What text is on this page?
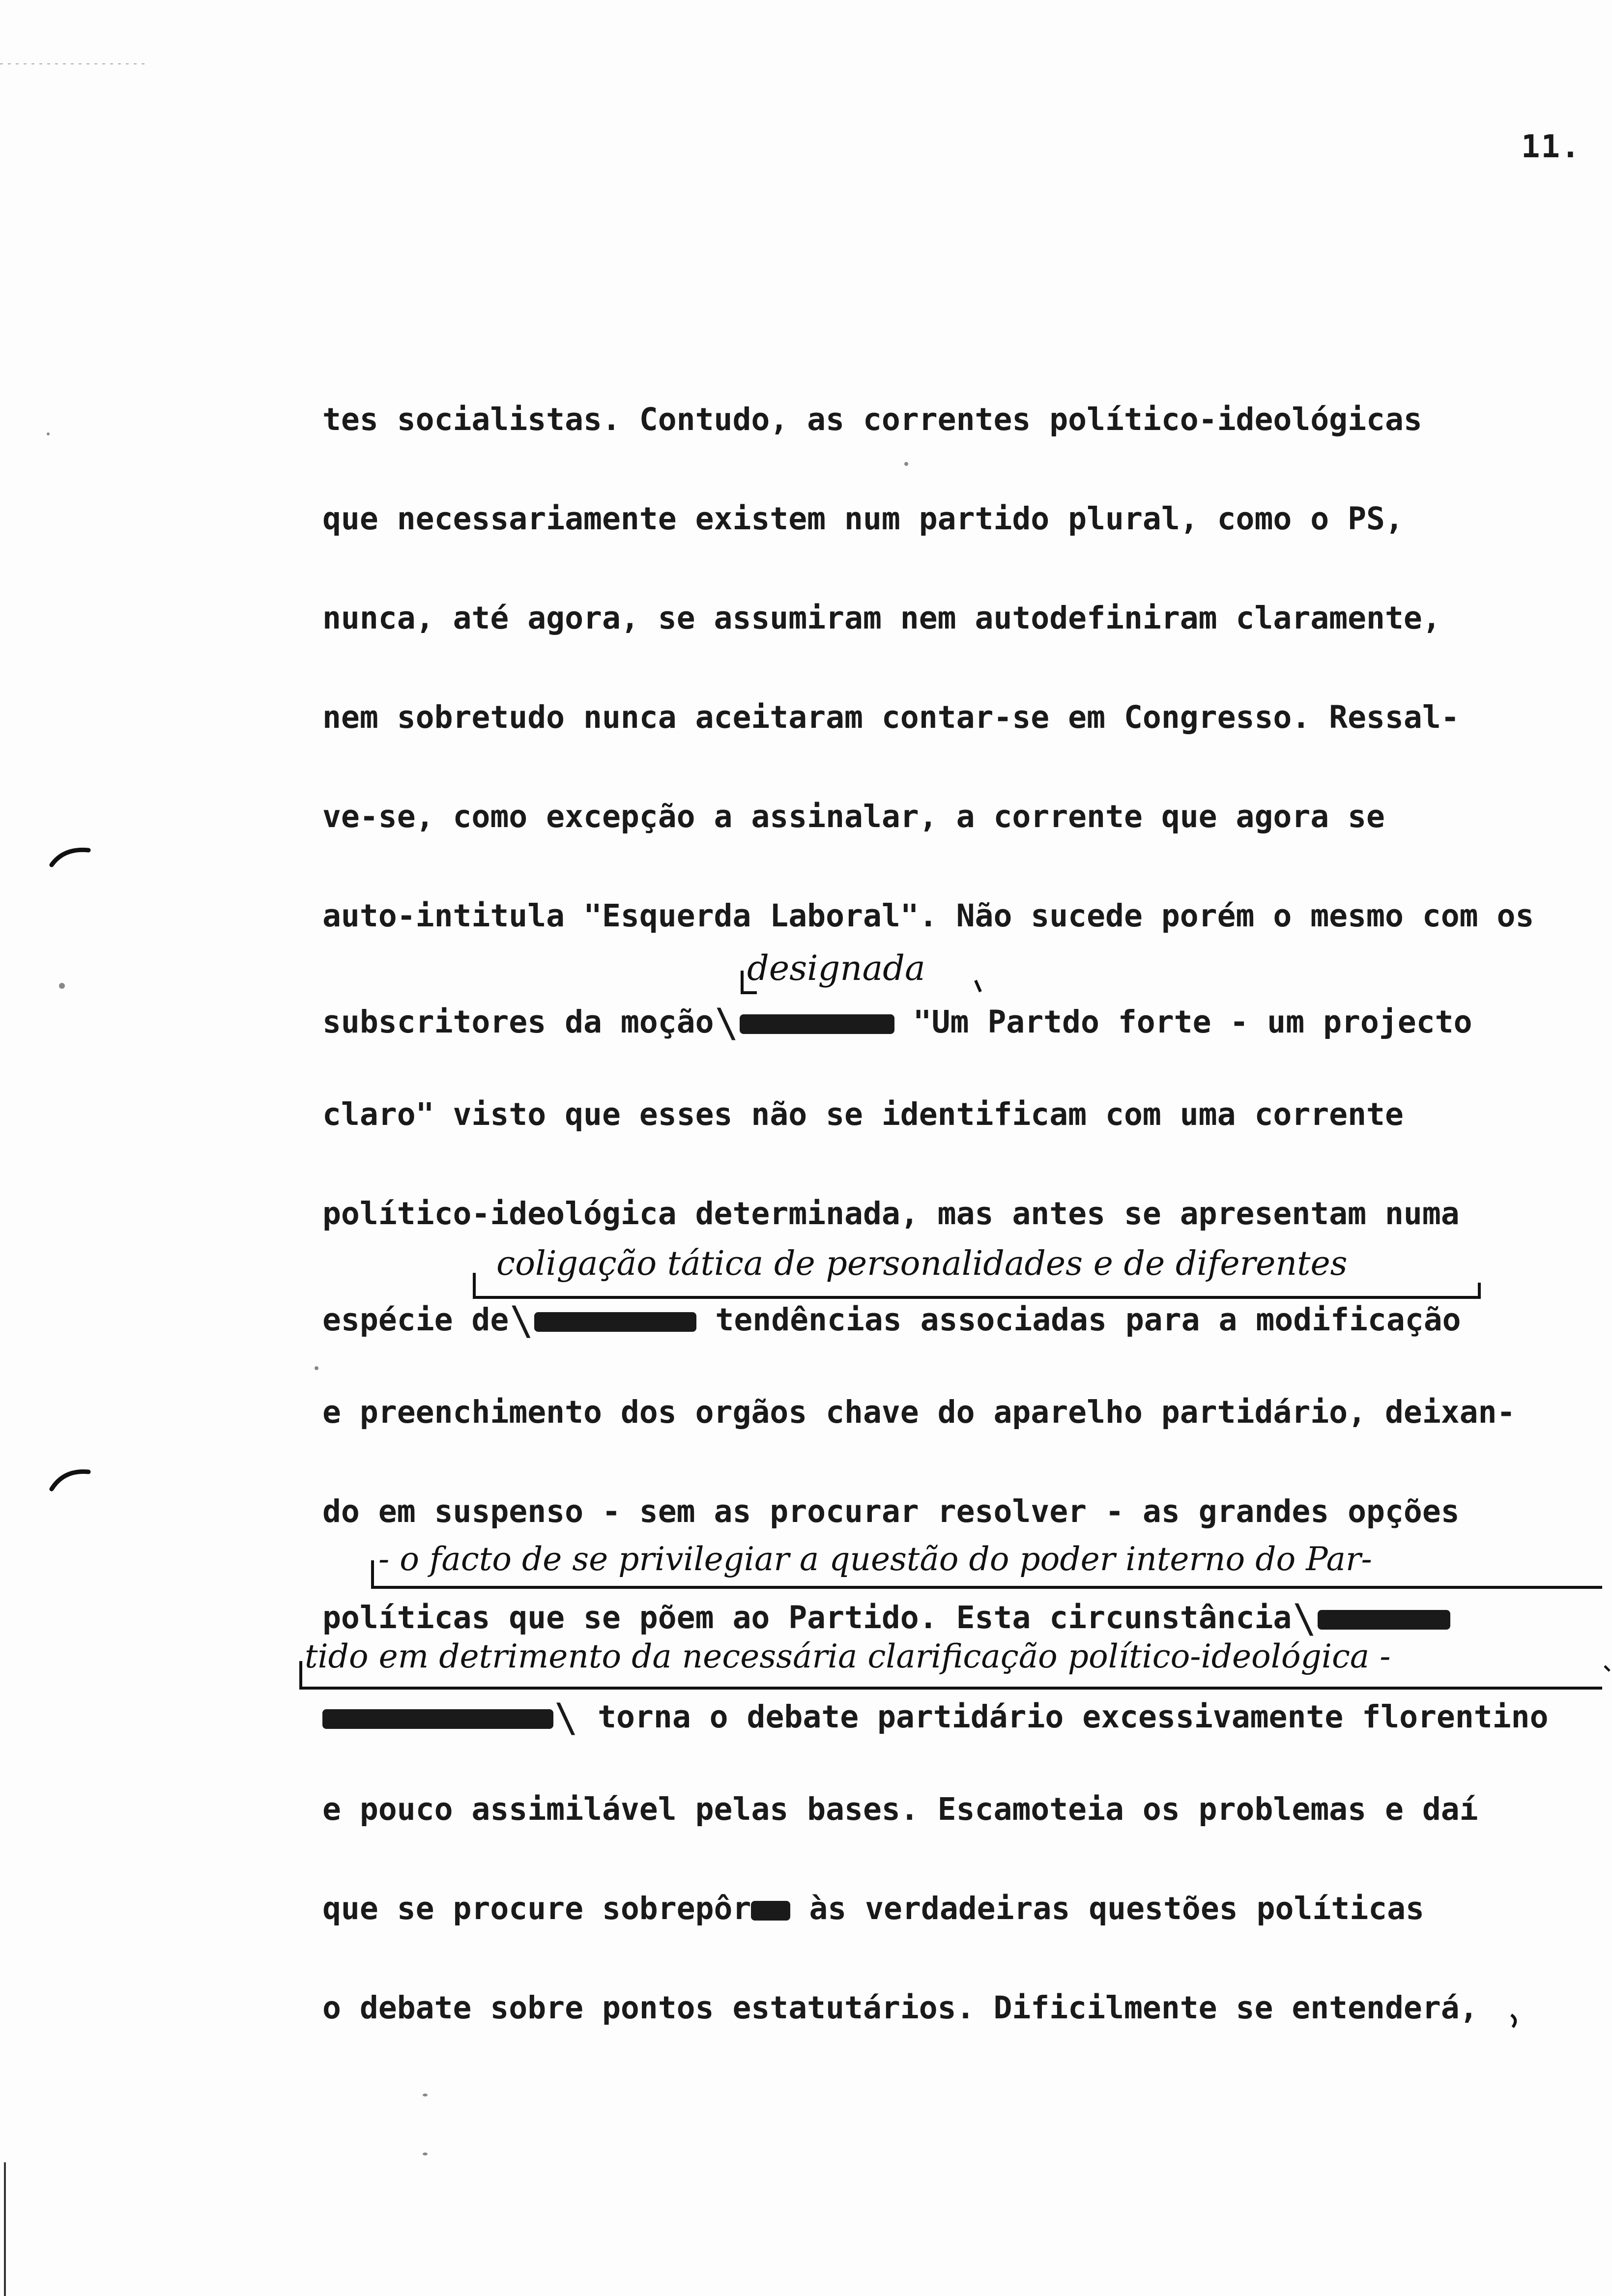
11.
tes socialistas. Contudo, as correntes político-ideológicas
que necessariamente existem num partido plural, como o PS,
nunca, até agora, se assumiram nem autodefiniram claramente,
nem sobretudo nunca aceitaram contar-se em Congresso. Ressal-
ve-se, como excepção a assinalar, a corrente que agora se
auto-intitula "Esquerda Laboral". Não sucede porém o mesmo com os
designada
subscritores da moção\	"Um Partdo forte - um projecto
claro" visto que esses não se identificam com uma corrente
político-ideológica determinada, mas antes se apresentam numa
coligação tática de personalidades e de diferentes
espécie de\	tendências associadas para a modificação
e preenchimento dos orgãos chave do aparelho partidário, deixan-
do em suspenso - sem as procurar resolver - as grandes opções
- o facto de se privilegiar a questão do poder interno do Par-
políticas que se põem ao Partido. Esta circunstância\
tido em detrimento da necessária clarificação político-ideológica -
\ torna o debate partidário excessivamente florentino
e pouco assimilável pelas bases. Escamoteia os problemas e daí
que se procure sobrepôr às verdadeiras questões políticas
o debate sobre pontos estatutários. Dificilmente se entenderá,
